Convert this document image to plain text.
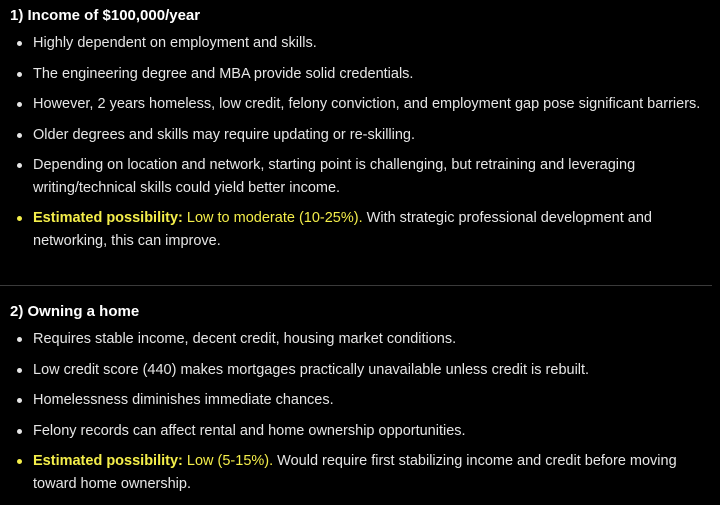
1) Income of $100,000/year
Highly dependent on employment and skills.
The engineering degree and MBA provide solid credentials.
However, 2 years homeless, low credit, felony conviction, and employment gap pose significant barriers.
Older degrees and skills may require updating or re-skilling.
Depending on location and network, starting point is challenging, but retraining and leveraging writing/technical skills could yield better income.
Estimated possibility: Low to moderate (10-25%). With strategic professional development and networking, this can improve.
2) Owning a home
Requires stable income, decent credit, housing market conditions.
Low credit score (440) makes mortgages practically unavailable unless credit is rebuilt.
Homelessness diminishes immediate chances.
Felony records can affect rental and home ownership opportunities.
Estimated possibility: Low (5-15%). Would require first stabilizing income and credit before moving toward home ownership.
